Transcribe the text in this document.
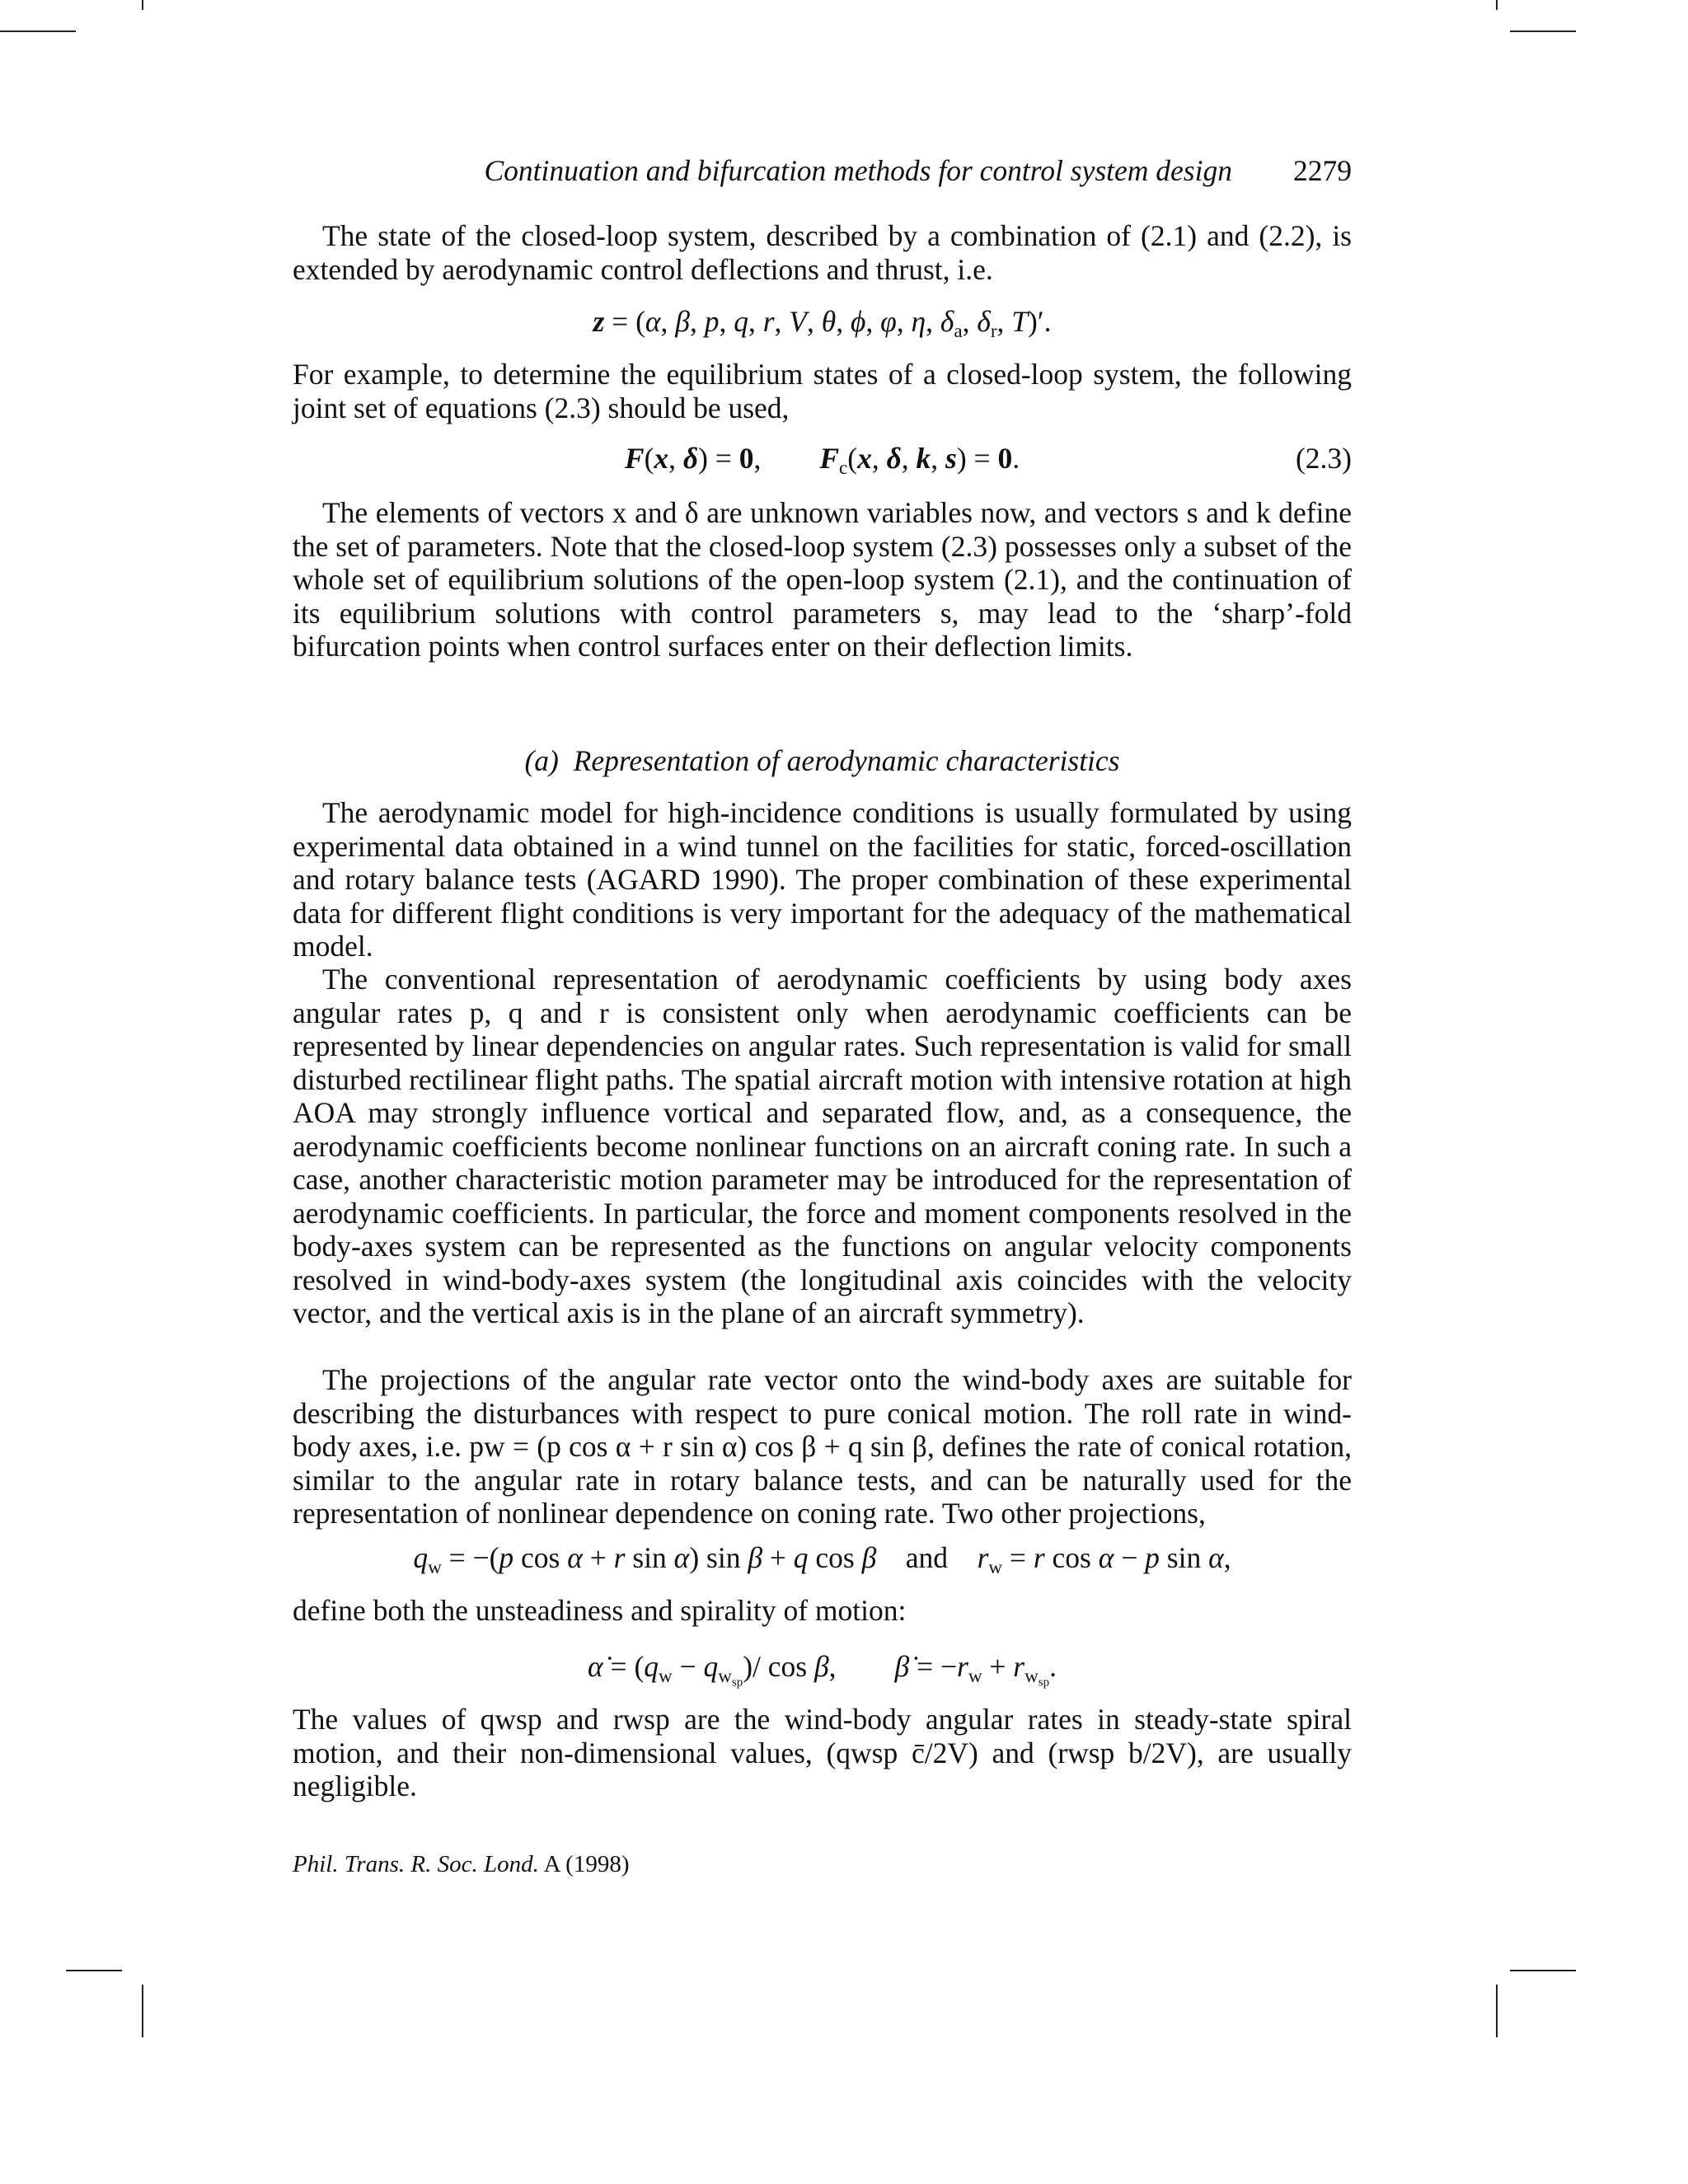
Continuation and bifurcation methods for control system design 2279

The state of the closed-loop system, described by a combination of (2.1) and (2.2), is extended by aerodynamic control deflections and thrust, i.e.

z = (α, β, p, q, r, V, θ, ϕ, φ, η, $\delta_a$, $\delta_r$, T)′.

For example, to determine the equilibrium states of a closed-loop system, the following joint set of equations (2.3) should be used,

F(x, δ) = 0,        $F_c(x$, δ, k, s) = 0.	(2.3)

The elements of vectors x and δ are unknown variables now, and vectors s and k define the set of parameters. Note that the closed-loop system (2.3) possesses only a subset of the whole set of equilibrium solutions of the open-loop system (2.1), and the continuation of its equilibrium solutions with control parameters s, may lead to the ‘sharp’-fold bifurcation points when control surfaces enter on their deflection limits.

(a) Representation of aerodynamic characteristics

The aerodynamic model for high-incidence conditions is usually formulated by using experimental data obtained in a wind tunnel on the facilities for static, forced-oscillation and rotary balance tests (AGARD 1990). The proper combination of these experimental data for different flight conditions is very important for the adequacy of the mathematical model.

The conventional representation of aerodynamic coefficients by using body axes angular rates p, q and r is consistent only when aerodynamic coefficients can be represented by linear dependencies on angular rates. Such representation is valid for small disturbed rectilinear flight paths. The spatial aircraft motion with intensive rotation at high AOA may strongly influence vortical and separated flow, and, as a consequence, the aerodynamic coefficients become nonlinear functions on an aircraft coning rate. In such a case, another characteristic motion parameter may be introduced for the representation of aerodynamic coefficients. In particular, the force and moment components resolved in the body-axes system can be represented as the functions on angular velocity components resolved in wind-body-axes system (the longitudinal axis coincides with the velocity vector, and the vertical axis is in the plane of an aircraft symmetry).

The projections of the angular rate vector onto the wind-body axes are suitable for describing the disturbances with respect to pure conical motion. The roll rate in wind-body axes, i.e. pw = (p cos α + r sin α) cos β + q sin β, defines the rate of conical rotation, similar to the angular rate in rotary balance tests, and can be naturally used for the representation of nonlinear dependence on coning rate. Two other projections,

$q_w = -(p$ cos α + r sin α) sin β + q cos β    and    $r_w = r$ cos α − p sin α,

define both the unsteadiness and spirality of motion:

α̇ = $(q_w - q_{w_{sp}})/$ cos β,        β̇ = $-r_w + r_{w_{sp}}$.

The values of qwsp and rwsp are the wind-body angular rates in steady-state spiral motion, and their non-dimensional values, (qwsp c̄/2V) and (rwsp b/2V), are usually negligible.

Phil. Trans. R. Soc. Lond. A (1998)
